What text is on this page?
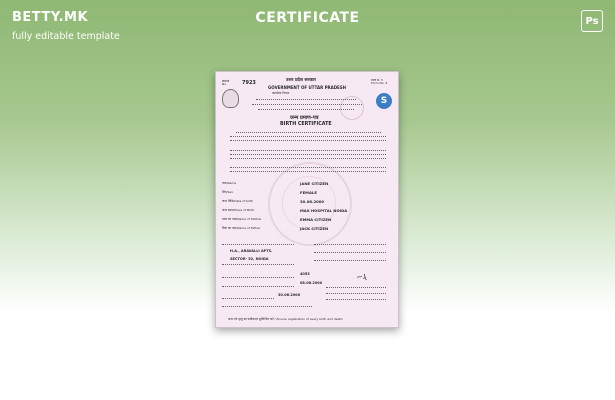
BETTY.MK
fully editable template
CERTIFICATE	Ps
S
क्रमांक
No.	7923	उत्तर प्रदेश सरकार
GOVERNMENT OF UTTAR PRADESH
कार्यालय विभाग
प्रपत्र सं. 5
Form No. 5
जन्म प्रमाण-पत्र
BIRTH CERTIFICATE
नाम/Name	JANE CITIZEN
लिंग/Sex	FEMALE
जन्म तिथि/Date of birth	30.06.2000
जन्म स्थान/Place of Birth	MAX HOSPITAL NOIDA
माता का नाम/Name of Mother	EMMA CITIZEN
पिता का नाम/Name of Father	JACK CITIZEN
H.A., ARAVALLI APTS.
SECTOR- 52, NOIDA
4053
08.06.2000
30.06.2000
~ɻ
जन्म एवं मृत्यु का पंजीकरण सुनिश्चित करें / Ensure registration of every birth and death
